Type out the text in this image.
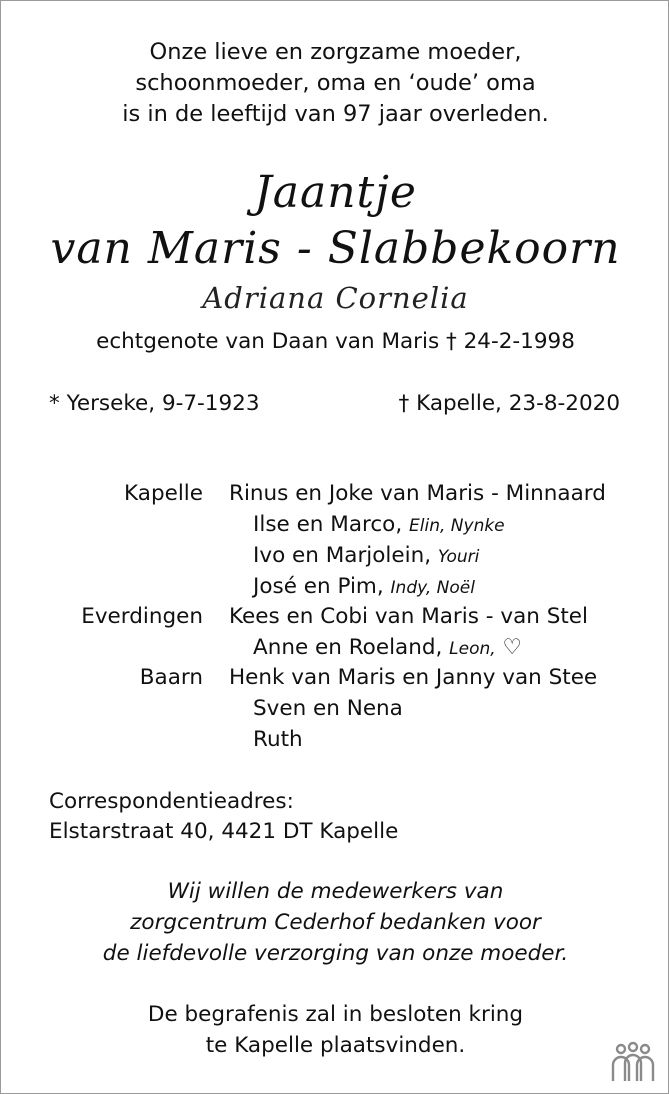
Onze lieve en zorgzame moeder,
schoonmoeder, oma en ‘oude’ oma
is in de leeftijd van 97 jaar overleden.
Jaantje
van Maris - Slabbekoorn
Adriana Cornelia
echtgenote van Daan van Maris † 24-2-1998
* Yerseke, 9-7-1923	† Kapelle, 23-8-2020
Kapelle Rinus en Joke van Maris - Minnaard
Ilse en Marco, Elin, Nynke
Ivo en Marjolein, Youri
José en Pim, Indy, Noël
Everdingen Kees en Cobi van Maris - van Stel
Anne en Roeland, Leon, ♡
Baarn Henk van Maris en Janny van Stee
Sven en Nena
Ruth
Correspondentieadres:
Elstarstraat 40, 4421 DT Kapelle
Wij willen de medewerkers van
zorgcentrum Cederhof bedanken voor
de liefdevolle verzorging van onze moeder.
De begrafenis zal in besloten kring
te Kapelle plaatsvinden.
